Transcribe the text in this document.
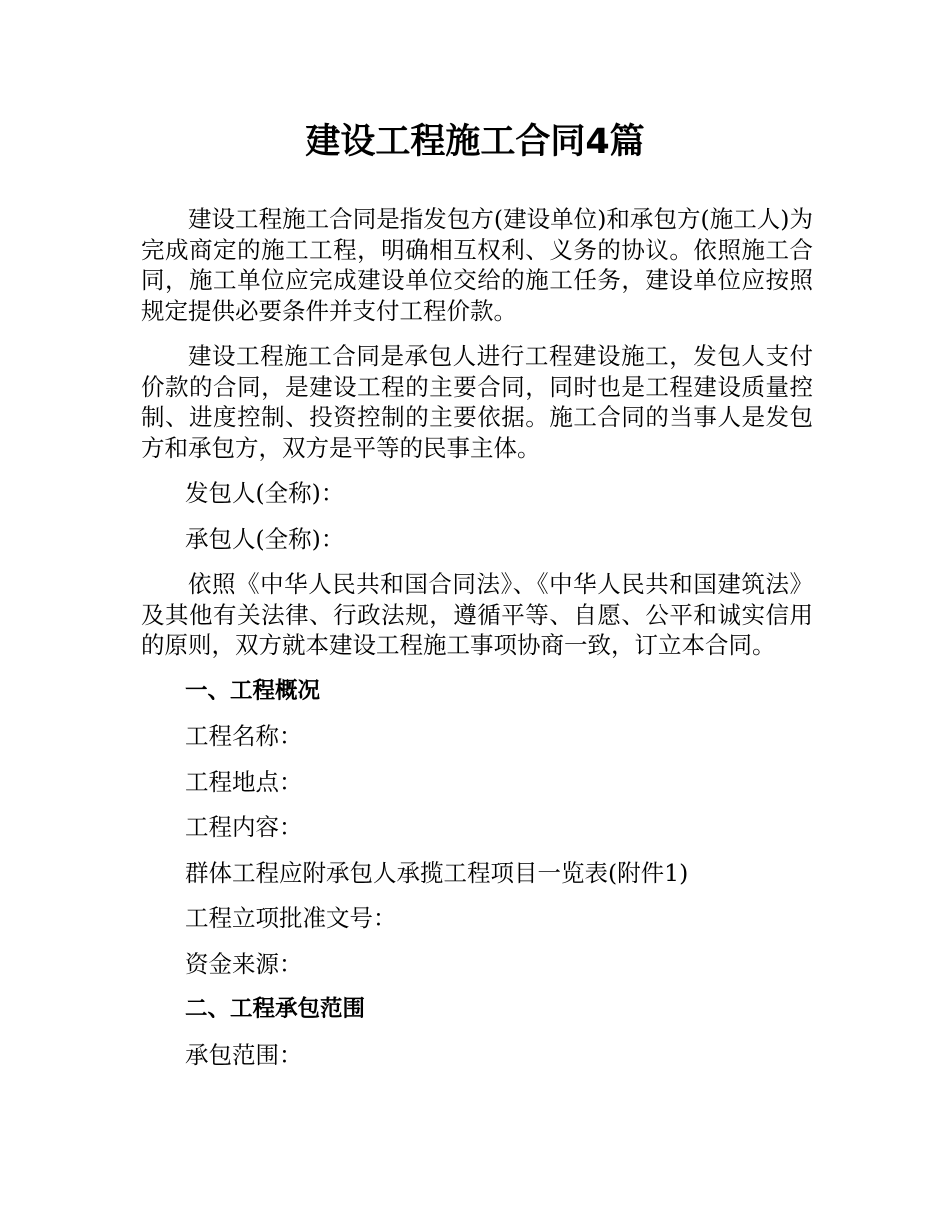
建设工程施工合同4篇

建设工程施工合同是指发包方(建设单位)和承包方(施工人)为完成商定的施工工程，明确相互权利、义务的协议。依照施工合同，施工单位应完成建设单位交给的施工任务，建设单位应按照规定提供必要条件并支付工程价款。

建设工程施工合同是承包人进行工程建设施工，发包人支付价款的合同，是建设工程的主要合同，同时也是工程建设质量控制、进度控制、投资控制的主要依据。施工合同的当事人是发包方和承包方，双方是平等的民事主体。

发包人(全称)：

承包人(全称)：

依照《中华人民共和国合同法》、《中华人民共和国建筑法》及其他有关法律、行政法规，遵循平等、自愿、公平和诚实信用的原则，双方就本建设工程施工事项协商一致，订立本合同。

一、工程概况

工程名称：

工程地点：

工程内容：

群体工程应附承包人承揽工程项目一览表(附件1)

工程立项批准文号：

资金来源：

二、工程承包范围

承包范围：
